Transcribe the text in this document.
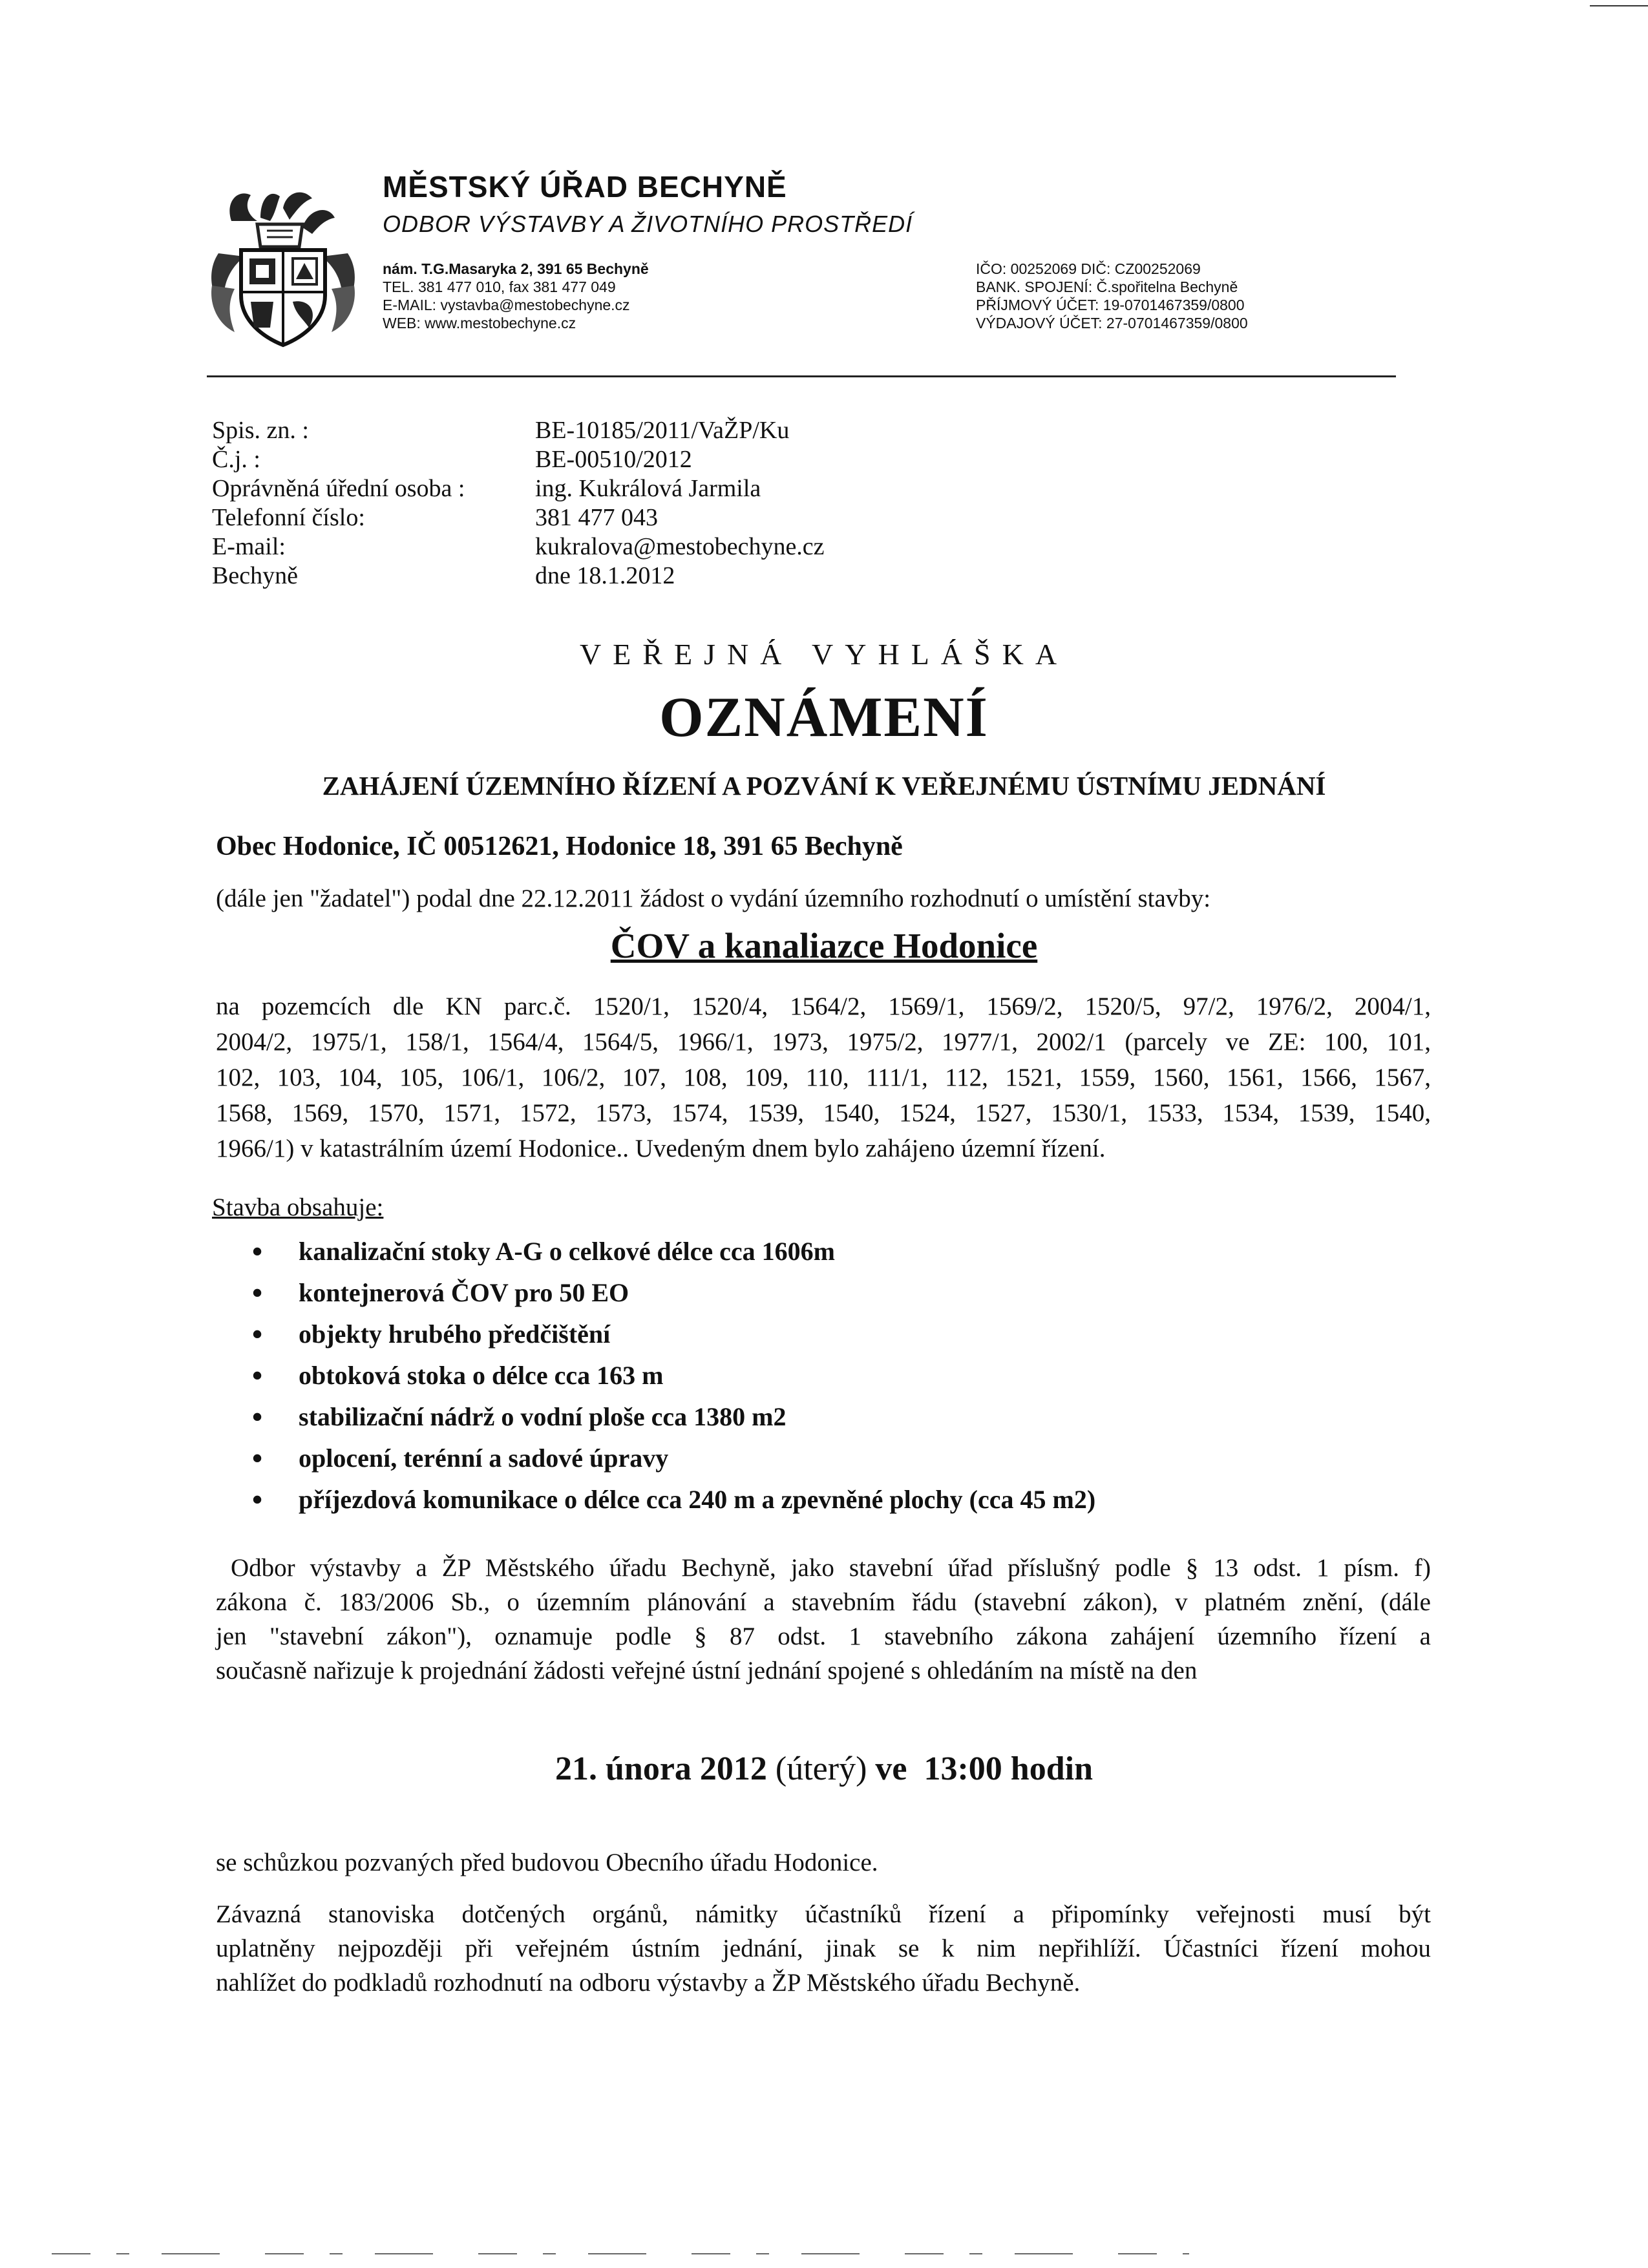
MĚSTSKÝ ÚŘAD BECHYNĚ
ODBOR VÝSTAVBY A ŽIVOTNÍHO PROSTŘEDÍ
nám. T.G.Masaryka 2, 391 65 Bechyně
TEL. 381 477 010, fax 381 477 049
E-MAIL: vystavba@mestobechyne.cz
WEB: www.mestobechyne.cz
IČO: 00252069 DIČ: CZ00252069
BANK. SPOJENÍ: Č.spořitelna Bechyně
PŘÍJMOVÝ ÚČET: 19-0701467359/0800
VÝDAJOVÝ ÚČET: 27-0701467359/0800
Spis. zn. :	BE-10185/2011/VaŽP/Ku
Č.j. :	BE-00510/2012
Oprávněná úřední osoba :	ing. Kukrálová Jarmila
Telefonní číslo:	381 477 043
E-mail:	kukralova@mestobechyne.cz
Bechyně	dne 18.1.2012
VEŘEJNÁ VYHLÁŠKA
OZNÁMENÍ
ZAHÁJENÍ ÚZEMNÍHO ŘÍZENÍ A POZVÁNÍ K VEŘEJNÉMU ÚSTNÍMU JEDNÁNÍ
Obec Hodonice, IČ 00512621, Hodonice 18, 391 65 Bechyně
(dále jen "žadatel") podal dne 22.12.2011 žádost o vydání územního rozhodnutí o umístění stavby:
ČOV a kanaliazce Hodonice
na pozemcích dle KN parc.č. 1520/1, 1520/4, 1564/2, 1569/1, 1569/2, 1520/5, 97/2, 1976/2, 2004/1,
2004/2, 1975/1, 158/1, 1564/4, 1564/5, 1966/1, 1973, 1975/2, 1977/1, 2002/1 (parcely ve ZE: 100, 101,
102, 103, 104, 105, 106/1, 106/2, 107, 108, 109, 110, 111/1, 112, 1521, 1559, 1560, 1561, 1566, 1567,
1568, 1569, 1570, 1571, 1572, 1573, 1574, 1539, 1540, 1524, 1527, 1530/1, 1533, 1534, 1539, 1540,
1966/1) v katastrálním území Hodonice.. Uvedeným dnem bylo zahájeno územní řízení.
Stavba obsahuje:
• kanalizační stoky A-G o celkové délce cca 1606m
• kontejnerová ČOV pro 50 EO
• objekty hrubého předčištění
• obtoková stoka o délce cca 163 m
• stabilizační nádrž o vodní ploše cca 1380 m2
• oplocení, terénní a sadové úpravy
• příjezdová komunikace o délce cca 240 m a zpevněné plochy (cca 45 m2)
Odbor výstavby a ŽP Městského úřadu Bechyně, jako stavební úřad příslušný podle § 13 odst. 1 písm. f)
zákona č. 183/2006 Sb., o územním plánování a stavebním řádu (stavební zákon), v platném znění, (dále
jen "stavební zákon"), oznamuje podle § 87 odst. 1 stavebního zákona zahájení územního řízení a
současně nařizuje k projednání žádosti veřejné ústní jednání spojené s ohledáním na místě na den
21. února 2012 (úterý) ve 13:00 hodin
se schůzkou pozvaných před budovou Obecního úřadu Hodonice.
Závazná stanoviska dotčených orgánů, námitky účastníků řízení a připomínky veřejnosti musí být
uplatněny nejpozději při veřejném ústním jednání, jinak se k nim nepřihlíží. Účastníci řízení mohou
nahlížet do podkladů rozhodnutí na odboru výstavby a ŽP Městského úřadu Bechyně.
